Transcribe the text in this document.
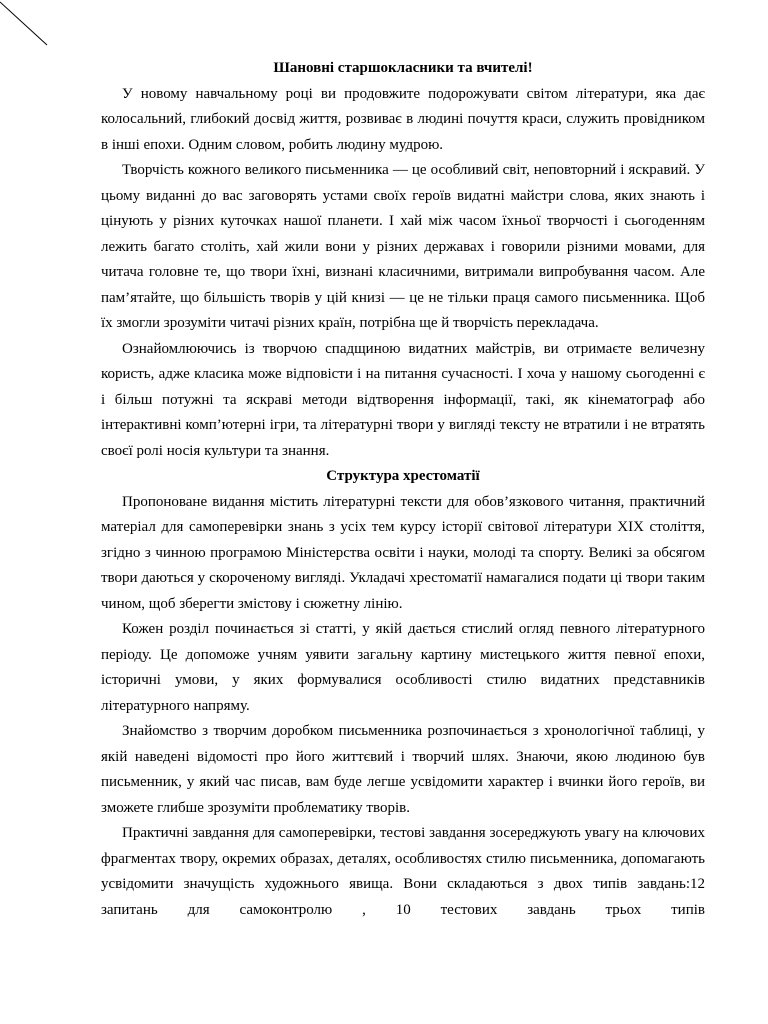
Шановні старшокласники та вчителі!

У новому навчальному році ви продовжите подорожувати світом літератури, яка дає колосальний, глибокий досвід життя, розвиває в людині почуття краси, служить провідником в інші епохи. Одним словом, робить людину мудрою.

Творчість кожного великого письменника — це особливий світ, неповторний і яскравий. У цьому виданні до вас заговорять устами своїх героїв видатні майстри слова, яких знають і цінують у різних куточках нашої планети. І хай між часом їхньої творчості і сьогоденням лежить багато століть, хай жили вони у різних державах і говорили різними мовами, для читача головне те, що твори їхні, визнані класичними, витримали випробування часом. Але пам’ятайте, що більшість творів у цій книзі — це не тільки праця самого письменника. Щоб їх змогли зрозуміти читачі різних країн, потрібна ще й творчість перекладача.

Ознайомлюючись із творчою спадщиною видатних майстрів, ви отримаєте величезну користь, адже класика може відповісти і на питання сучасності. І хоча у нашому сьогоденні є і більш потужні та яскраві методи відтворення інформації, такі, як кінематограф або інтерактивні комп’ютерні ігри, та літературні твори у вигляді тексту не втратили і не втратять своєї ролі носія культури та знання.

Структура хрестоматії

Пропоноване видання містить літературні тексти для обов’язкового читання, практичний матеріал для самоперевірки знань з усіх тем курсу історії світової літератури XIX століття, згідно з чинною програмою Міністерства освіти і науки, молоді та спорту. Великі за обсягом твори даються у скороченому вигляді. Укладачі хрестоматії намагалися подати ці твори таким чином, щоб зберегти змістову і сюжетну лінію.

Кожен розділ починається зі статті, у якій дається стислий огляд певного літературного періоду. Це допоможе учням уявити загальну картину мистецького життя певної епохи, історичні умови, у яких формувалися особливості стилю видатних представників літературного напряму.

Знайомство з творчим доробком письменника розпочинається з хронологічної таблиці, у якій наведені відомості про його життєвий і творчий шлях. Знаючи, якою людиною був письменник, у який час писав, вам буде легше усвідомити характер і вчинки його героїв, ви зможете глибше зрозуміти проблематику творів.

Практичні завдання для самоперевірки, тестові завдання зосереджують увагу на ключових фрагментах твору, окремих образах, деталях, особливостях стилю письменника, допомагають усвідомити значущість художнього явища. Вони складаються з двох типів завдань:12 запитань для самоконтролю , 10 тестових завдань трьох типів
